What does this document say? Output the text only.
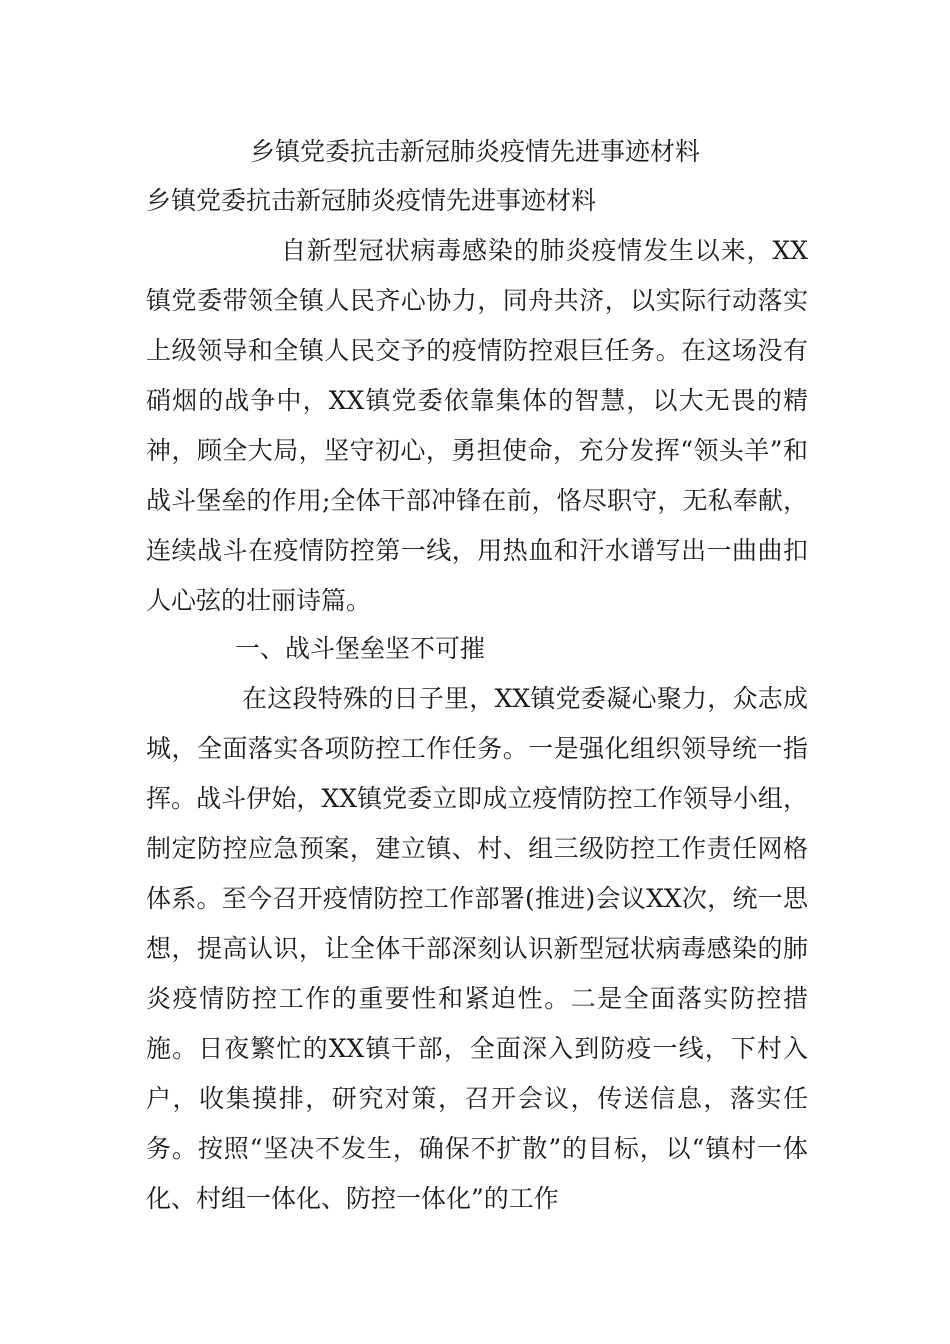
乡镇党委抗击新冠肺炎疫情先进事迹材料

乡镇党委抗击新冠肺炎疫情先进事迹材料

自新型冠状病毒感染的肺炎疫情发生以来，XX镇党委带领全镇人民齐心协力，同舟共济，以实际行动落实上级领导和全镇人民交予的疫情防控艰巨任务。在这场没有硝烟的战争中，XX镇党委依靠集体的智慧，以大无畏的精神，顾全大局，坚守初心，勇担使命，充分发挥“领头羊”和战斗堡垒的作用;全体干部冲锋在前，恪尽职守，无私奉献，连续战斗在疫情防控第一线，用热血和汗水谱写出一曲曲扣人心弦的壮丽诗篇。

一、战斗堡垒坚不可摧

在这段特殊的日子里，XX镇党委凝心聚力，众志成城，全面落实各项防控工作任务。一是强化组织领导统一指挥。战斗伊始，XX镇党委立即成立疫情防控工作领导小组，制定防控应急预案，建立镇、村、组三级防控工作责任网格体系。至今召开疫情防控工作部署(推进)会议XX次，统一思想，提高认识，让全体干部深刻认识新型冠状病毒感染的肺炎疫情防控工作的重要性和紧迫性。二是全面落实防控措施。日夜繁忙的XX镇干部，全面深入到防疫一线，下村入户，收集摸排，研究对策，召开会议，传送信息，落实任务。按照“坚决不发生，确保不扩散”的目标，以“镇村一体化、村组一体化、防控一体化”的工作
